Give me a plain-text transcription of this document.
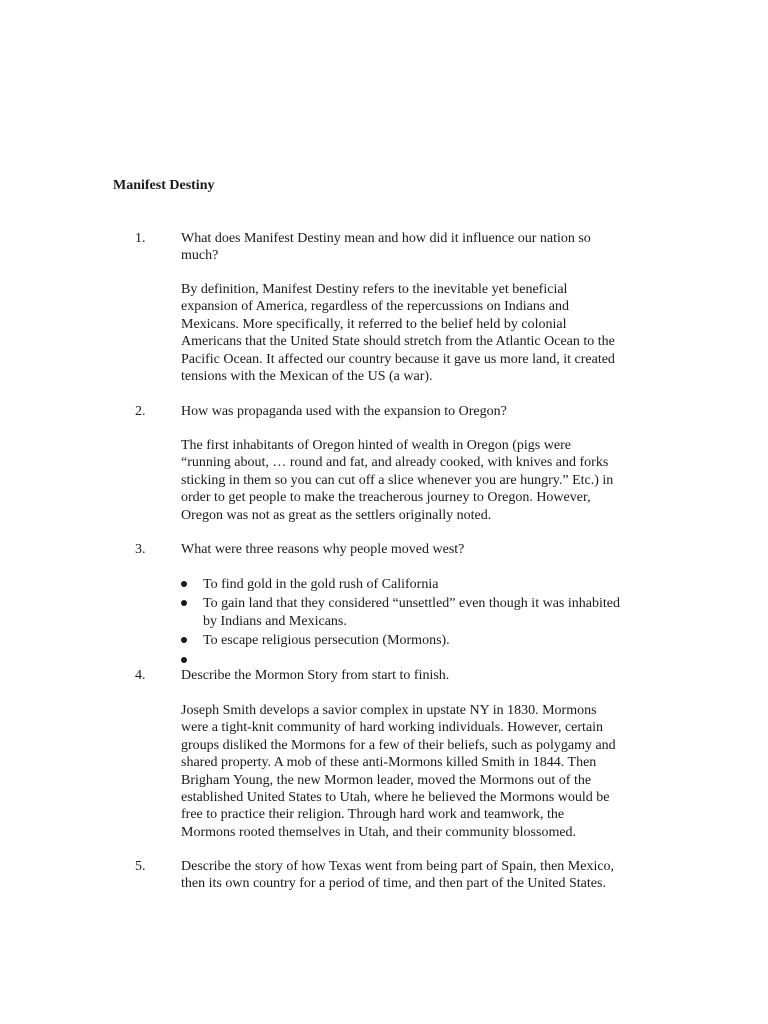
Manifest Destiny
1.	What does Manifest Destiny mean and how did it influence our nation so
much?
By definition, Manifest Destiny refers to the inevitable yet beneficial
expansion of America, regardless of the repercussions on Indians and
Mexicans. More specifically, it referred to the belief held by colonial
Americans that the United State should stretch from the Atlantic Ocean to the
Pacific Ocean. It affected our country because it gave us more land, it created
tensions with the Mexican of the US (a war).
2.	How was propaganda used with the expansion to Oregon?
The first inhabitants of Oregon hinted of wealth in Oregon (pigs were
“running about, … round and fat, and already cooked, with knives and forks
sticking in them so you can cut off a slice whenever you are hungry.” Etc.) in
order to get people to make the treacherous journey to Oregon. However,
Oregon was not as great as the settlers originally noted.
3.	What were three reasons why people moved west?
To find gold in the gold rush of California
To gain land that they considered “unsettled” even though it was inhabited
by Indians and Mexicans.
To escape religious persecution (Mormons).
4.	Describe the Mormon Story from start to finish.
Joseph Smith develops a savior complex in upstate NY in 1830. Mormons
were a tight-knit community of hard working individuals. However, certain
groups disliked the Mormons for a few of their beliefs, such as polygamy and
shared property. A mob of these anti-Mormons killed Smith in 1844. Then
Brigham Young, the new Mormon leader, moved the Mormons out of the
established United States to Utah, where he believed the Mormons would be
free to practice their religion. Through hard work and teamwork, the
Mormons rooted themselves in Utah, and their community blossomed.
5.	Describe the story of how Texas went from being part of Spain, then Mexico,
then its own country for a period of time, and then part of the United States.
